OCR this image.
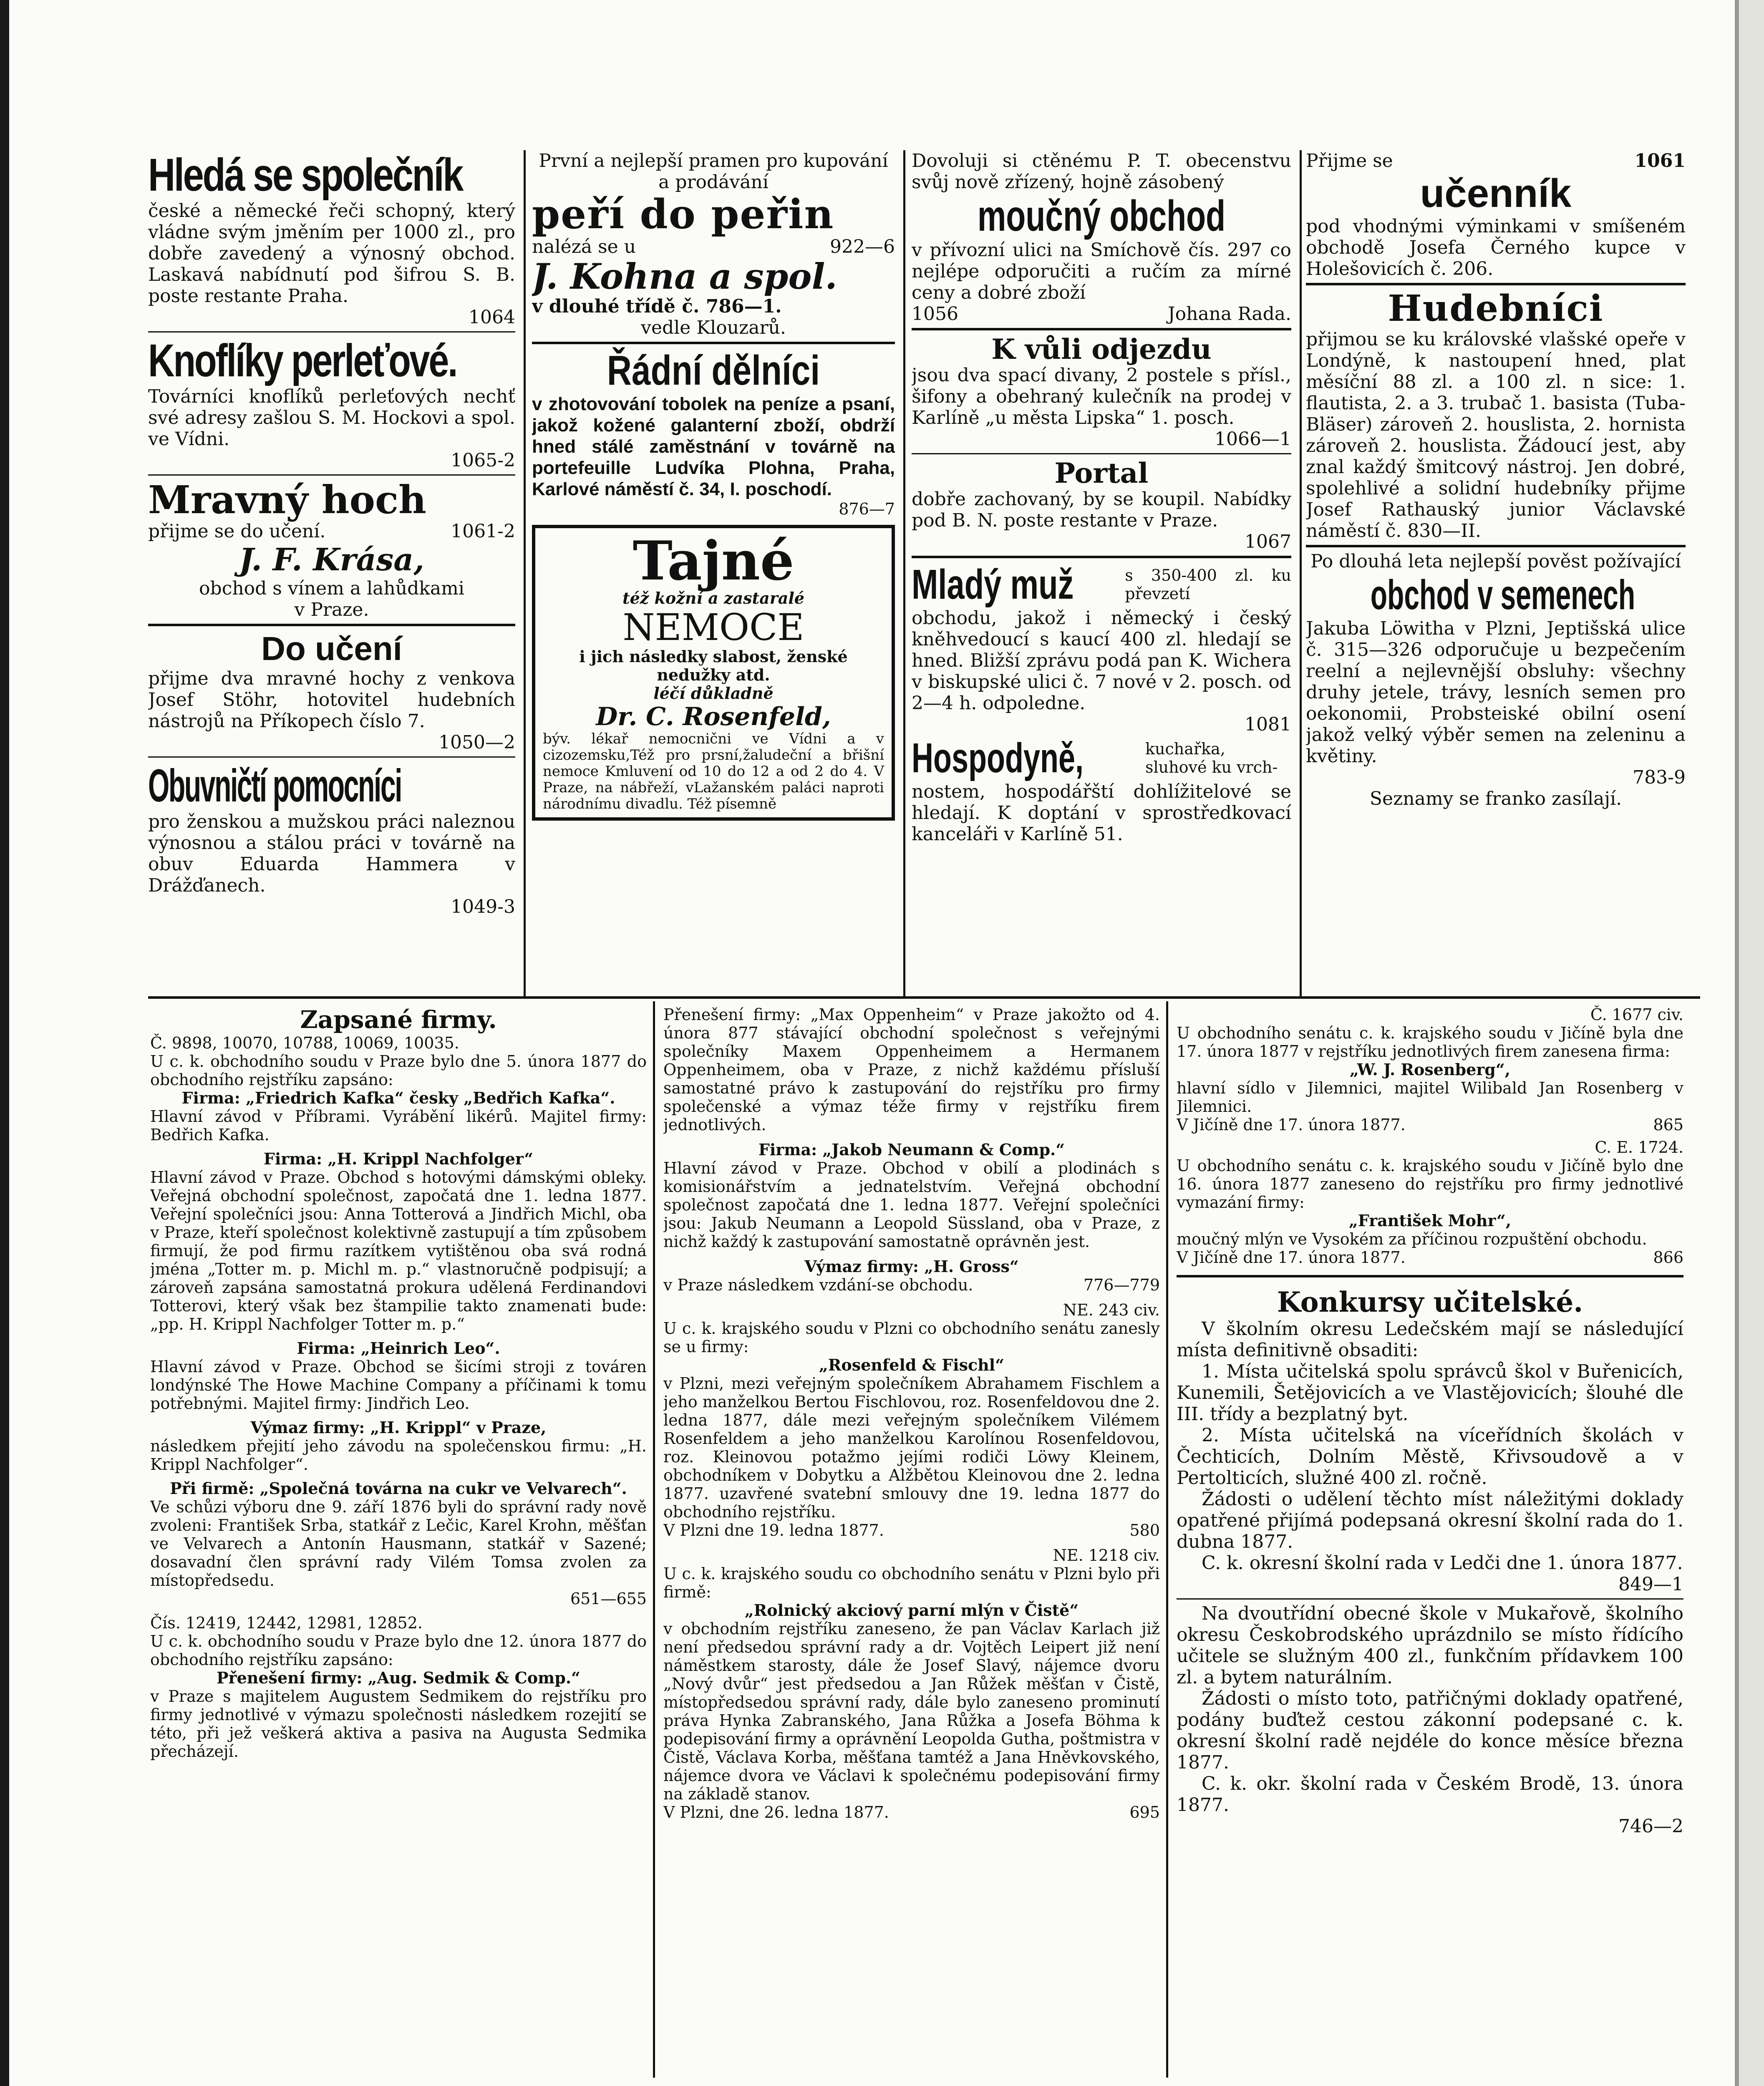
Hledá se společník

české a německé řeči schopný, který vládne svým jměním per 1000 zl., pro dobře zavedený a výnosný obchod. Laskavá nabídnutí pod šifrou S. B. poste restante Praha.

1064

Knoflíky perleťové.

Továrníci knoflíků perleťových nechť své adresy zašlou S. M. Hockovi a spol. ve Vídni.

1065-2

Mravný hoch

přijme se do učení.	1061-2

J. F. Krása,

obchod s vínem a lahůdkami

v Praze.

Do učení

přijme dva mravné hochy z venkova Josef Stöhr, hotovitel hudebních nástrojů na Příkopech číslo 7.

1050—2

Obuvničtí pomocníci

pro ženskou a mužskou práci naleznou výnosnou a stálou práci v továrně na obuv Eduarda Hammera v Drážďanech.

1049-3

První a nejlepší pramen pro kupování a prodávání

peří do peřin

nalézá se u	922—6

J. Kohna a spol.

v dlouhé třídě č. 786—1.

vedle Klouzarů.

Řádní dělníci

v zhotovování tobolek na peníze a psaní, jakož kožené galanterní zboží, obdrží hned stálé zaměstnání v továrně na portefeuille Ludvíka Plohna, Praha, Karlové náměstí č. 34, I. poschodí.

876—7

Tajné

též kožní a zastaralé

NEMOCE

i jich následky slabost, ženské nedužky atd.

léčí důkladně

Dr. C. Rosenfeld,

býv. lékař nemocnični ve Vídni a v cizozemsku,Též pro prsní,žaludeční a břišní nemoce Kmluvení od 10 do 12 a od 2 do 4. V Praze, na nábřeží, vLažanském paláci naproti národnímu divadlu. Též písemně

Dovoluji si ctěnému P. T. obecenstvu svůj nově zřízený, hojně zásobený

moučný obchod

v přívozní ulici na Smíchově čís. 297 co nejlépe odporučiti a ručím za mírné ceny a dobré zboží

1056	Johana Rada.

K vůli odjezdu

jsou dva spací divany, 2 postele s přísl., šifony a obehraný kulečník na prodej v Karlíně „u města Lipska“ 1. posch.

1066—1

Portal

dobře zachovaný, by se koupil. Nabídky pod B. N. poste restante v Praze.

1067

Mladý muž	s 350-400 zl. ku převzetí

obchodu, jakož i německý i český kněhvedoucí s kaucí 400 zl. hledají se hned. Bližší zprávu podá pan K. Wichera v biskupské ulici č. 7 nové v 2. posch. od 2—4 h. odpoledne.

1081

Hospodyně,	kuchařka, sluhové ku vrch-

nostem, hospodářští dohlížitelové se hledají. K doptání v sprostředkovací kanceláři v Karlíně 51.

Přijme se	1061

učenník

pod vhodnými výminkami v smíšeném obchodě Josefa Černého kupce v Holešovicích č. 206.

Hudebníci

přijmou se ku královské vlašské opeře v Londýně, k nastoupení hned, plat měsíční 88 zl. a 100 zl. n sice: 1. flautista, 2. a 3. trubač 1. basista (Tuba-Bläser) zároveň 2. houslista, 2. hornista zároveň 2. houslista. Žádoucí jest, aby znal každý šmitcový nástroj. Jen dobré, spolehlivé a solidní hudebníky přijme Josef Rathauský junior Václavské náměstí č. 830—II.

Po dlouhá leta nejlepší pověst požívající

obchod v semenech

Jakuba Löwitha v Plzni, Jeptišská ulice č. 315—326 odporučuje u bezpečením reelní a nejlevnější obsluhy: všechny druhy jetele, trávy, lesních semen pro oekonomii, Probsteiské obilní osení jakož velký výběr semen na zeleninu a květiny.

783-9

Seznamy se franko zasílají.

Zapsané firmy.

Č. 9898, 10070, 10788, 10069, 10035.
U c. k. obchodního soudu v Praze bylo dne 5. února 1877 do obchodního rejstříku zapsáno:

Firma: „Friedrich Kafka“ česky „Bedřich Kafka“.

Hlavní závod v Příbrami. Vyrábění likérů. Majitel firmy: Bedřich Kafka.

Firma: „H. Krippl Nachfolger“

Hlavní závod v Praze. Obchod s hotovými dámskými obleky. Veřejná obchodní společnost, započatá dne 1. ledna 1877. Veřejní společníci jsou: Anna Totterová a Jindřich Michl, oba v Praze, kteří společnost kolektivně zastupují a tím způsobem firmují, že pod firmu razítkem vytištěnou oba svá rodná jména „Totter m. p. Michl m. p.“ vlastnoručně podpisují; a zároveň zapsána samostatná prokura udělená Ferdinandovi Totterovi, který však bez štampilie takto znamenati bude: „pp. H. Krippl Nachfolger Totter m. p.“

Firma: „Heinrich Leo“.

Hlavní závod v Praze. Obchod se šicími stroji z továren londýnské The Howe Machine Company a příčinami k tomu potřebnými. Majitel firmy: Jindřich Leo.

Výmaz firmy: „H. Krippl“ v Praze,

následkem přejití jeho závodu na společenskou firmu: „H. Krippl Nachfolger“.

Při firmě: „Společná továrna na cukr ve Velvarech“.

Ve schůzi výboru dne 9. září 1876 byli do správní rady nově zvoleni: František Srba, statkář z Lečic, Karel Krohn, měšťan ve Velvarech a Antonín Hausmann, statkář v Sazené; dosavadní člen správní rady Vilém Tomsa zvolen za místopředsedu.

651—655

Čís. 12419, 12442, 12981, 12852.
U c. k. obchodního soudu v Praze bylo dne 12. února 1877 do obchodního rejstříku zapsáno:

Přenešení firmy: „Aug. Sedmik & Comp.“

v Praze s majitelem Augustem Sedmikem do rejstříku pro firmy jednotlivé v výmazu společnosti následkem rozejití se této, při jež veškerá aktiva a pasiva na Augusta Sedmika přecházejí.

Přenešení firmy: „Max Oppenheim“ v Praze jakožto od 4. února 877 stávající obchodní společnost s veřejnými společníky Maxem Oppenheimem a Hermanem Oppenheimem, oba v Praze, z nichž každému přísluší samostatné právo k zastupování do rejstříku pro firmy společenské a výmaz téže firmy v rejstříku firem jednotlivých.

Firma: „Jakob Neumann & Comp.“

Hlavní závod v Praze. Obchod v obilí a plodinách s komisionářstvím a jednatelstvím. Veřejná obchodní společnost započatá dne 1. ledna 1877. Veřejní společníci jsou: Jakub Neumann a Leopold Süssland, oba v Praze, z nichž každý k zastupování samostatně oprávněn jest.

Výmaz firmy: „H. Gross“

v Praze následkem vzdání-se obchodu.	776—779

NE. 243 civ.

U c. k. krajského soudu v Plzni co obchodního senátu zanesly se u firmy:

„Rosenfeld & Fischl“

v Plzni, mezi veřejným společníkem Abrahamem Fischlem a jeho manželkou Bertou Fischlovou, roz. Rosenfeldovou dne 2. ledna 1877, dále mezi veřejným společníkem Vilémem Rosenfeldem a jeho manželkou Karolínou Rosenfeldovou, roz. Kleinovou potažmo jejími rodiči Löwy Kleinem, obchodníkem v Dobytku a Alžbětou Kleinovou dne 2. ledna 1877. uzavřené svatební smlouvy dne 19. ledna 1877 do obchodního rejstříku.

V Plzni dne 19. ledna 1877.	580

NE. 1218 civ.

U c. k. krajského soudu co obchodního senátu v Plzni bylo při firmě:

„Rolnický akciový parní mlýn v Čistě“

v obchodním rejstříku zaneseno, že pan Václav Karlach již není předsedou správní rady a dr. Vojtěch Leipert již není náměstkem starosty, dále že Josef Slavý, nájemce dvoru „Nový dvůr“ jest předsedou a Jan Růžek měšťan v Čistě, místopředsedou správní rady, dále bylo zaneseno prominutí práva Hynka Zabranského, Jana Růžka a Josefa Böhma k podepisování firmy a oprávnění Leopolda Gutha, poštmistra v Čistě, Václava Korba, měšťana tamtéž a Jana Hněvkovského, nájemce dvora ve Václavi k společnému podepisování firmy na základě stanov.

V Plzni, dne 26. ledna 1877.	695

Č. 1677 civ.

U obchodního senátu c. k. krajského soudu v Jičíně byla dne 17. února 1877 v rejstříku jednotlivých firem zanesena firma:

„W. J. Rosenberg“,

hlavní sídlo v Jilemnici, majitel Wilibald Jan Rosenberg v Jilemnici.

V Jičíně dne 17. února 1877.	865

C. E. 1724.

U obchodního senátu c. k. krajského soudu v Jičíně bylo dne 16. února 1877 zaneseno do rejstříku pro firmy jednotlivé vymazání firmy:

„František Mohr“,

moučný mlýn ve Vysokém za příčinou rozpuštění obchodu.

V Jičíně dne 17. února 1877.	866

Konkursy učitelské.

V školním okresu Ledečském mají se následující místa definitivně obsaditi:

1. Místa učitelská spolu správců škol v Buřenicích, Kunemili, Šetějovicích a ve Vlastějovicích; šlouhé dle III. třídy a bezplatný byt.

2. Místa učitelská na víceřídních školách v Čechticích, Dolním Městě, Křivsoudově a v Pertolticích, služné 400 zl. ročně.

Žádosti o udělení těchto míst náležitými doklady opatřené přijímá podepsaná okresní školní rada do 1. dubna 1877.

C. k. okresní školní rada v Ledči dne 1. února 1877.

849—1

Na dvoutřídní obecné škole v Mukařově, školního okresu Českobrodského uprázdnilo se místo řídícího učitele se služným 400 zl., funkčním přídavkem 100 zl. a bytem naturálním.

Žádosti o místo toto, patřičnými doklady opatřené, podány buďtež cestou zákonní podepsané c. k. okresní školní radě nejdéle do konce měsíce března 1877.

C. k. okr. školní rada v Českém Brodě, 13. února 1877.

746—2
